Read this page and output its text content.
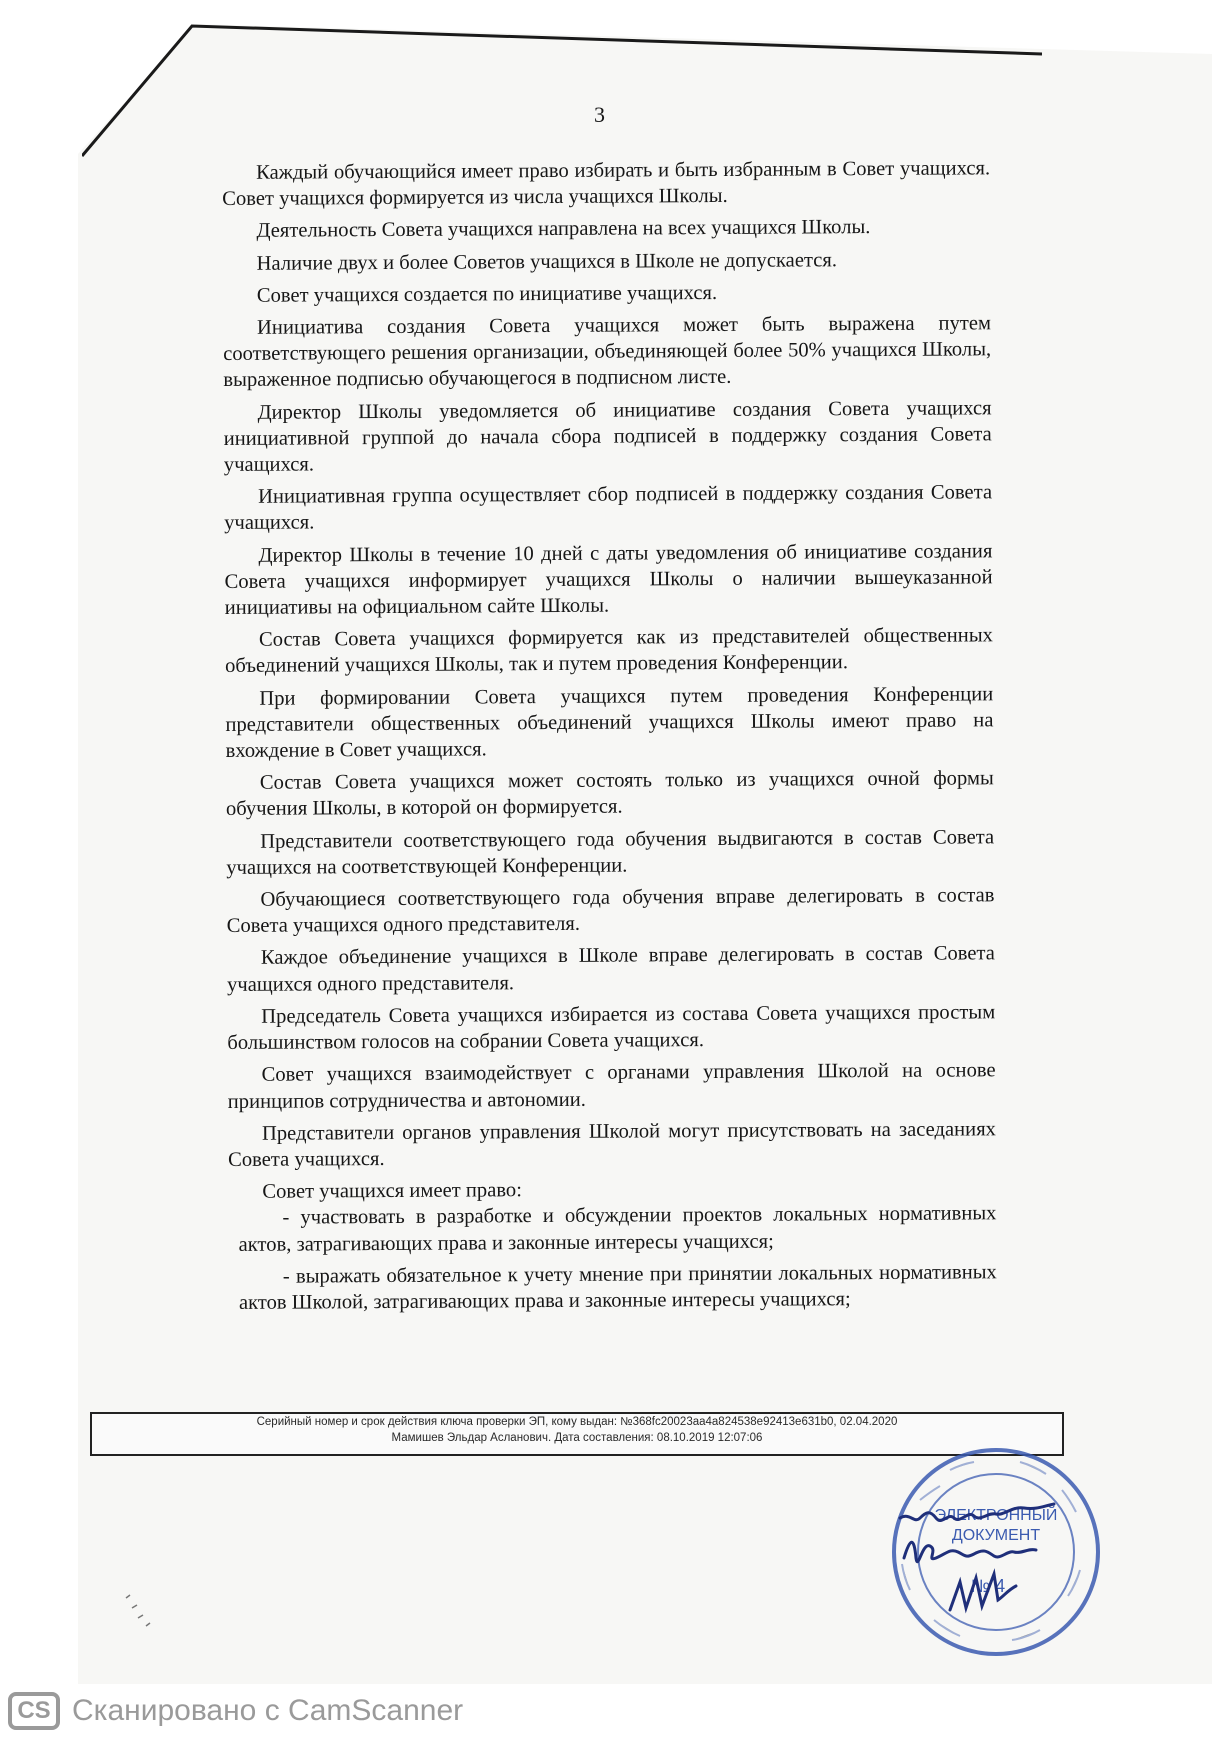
3

Каждый обучающийся имеет право избирать и быть избранным в Совет учащихся. Совет учащихся формируется из числа учащихся Школы.

Деятельность Совета учащихся направлена на всех учащихся Школы.

Наличие двух и более Советов учащихся в Школе не допускается.

Совет учащихся создается по инициативе учащихся.

Инициатива создания Совета учащихся может быть выражена путем соответствующего решения организации, объединяющей более 50% учащихся Школы, выраженное подписью обучающегося в подписном листе.

Директор Школы уведомляется об инициативе создания Совета учащихся инициативной группой до начала сбора подписей в поддержку создания Совета учащихся.

Инициативная группа осуществляет сбор подписей в поддержку создания Совета учащихся.

Директор Школы в течение 10 дней с даты уведомления об инициативе создания Совета учащихся информирует учащихся Школы о наличии вышеуказанной инициативы на официальном сайте Школы.

Состав Совета учащихся формируется как из представителей общественных объединений учащихся Школы, так и путем проведения Конференции.

При формировании Совета учащихся путем проведения Конференции представители общественных объединений учащихся Школы имеют право на вхождение в Совет учащихся.

Состав Совета учащихся может состоять только из учащихся очной формы обучения Школы, в которой он формируется.

Представители соответствующего года обучения выдвигаются в состав Совета учащихся на соответствующей Конференции.

Обучающиеся соответствующего года обучения вправе делегировать в состав Совета учащихся одного представителя.

Каждое объединение учащихся в Школе вправе делегировать в состав Совета учащихся одного представителя.

Председатель Совета учащихся избирается из состава Совета учащихся простым большинством голосов на собрании Совета учащихся.

Совет учащихся взаимодействует с органами управления Школой на основе принципов сотрудничества и автономии.

Представители органов управления Школой могут присутствовать на заседаниях Совета учащихся.

Совет учащихся имеет право:

- участвовать в разработке и обсуждении проектов локальных нормативных актов, затрагивающих права и законные интересы учащихся;

- выражать обязательное к учету мнение при принятии локальных нормативных актов Школой, затрагивающих права и законные интересы учащихся;

Серийный номер и срок действия ключа проверки ЭП, кому выдан: №368fc20023aa4a824538e92413e631b0, 02.04.2020
Мамишев Эльдар Асланович. Дата составления: 08.10.2019 12:07:06
ЭЛЕКТРОННЫЙ
ДОКУМЕНТ
№ 4
CS Сканировано с CamScanner
